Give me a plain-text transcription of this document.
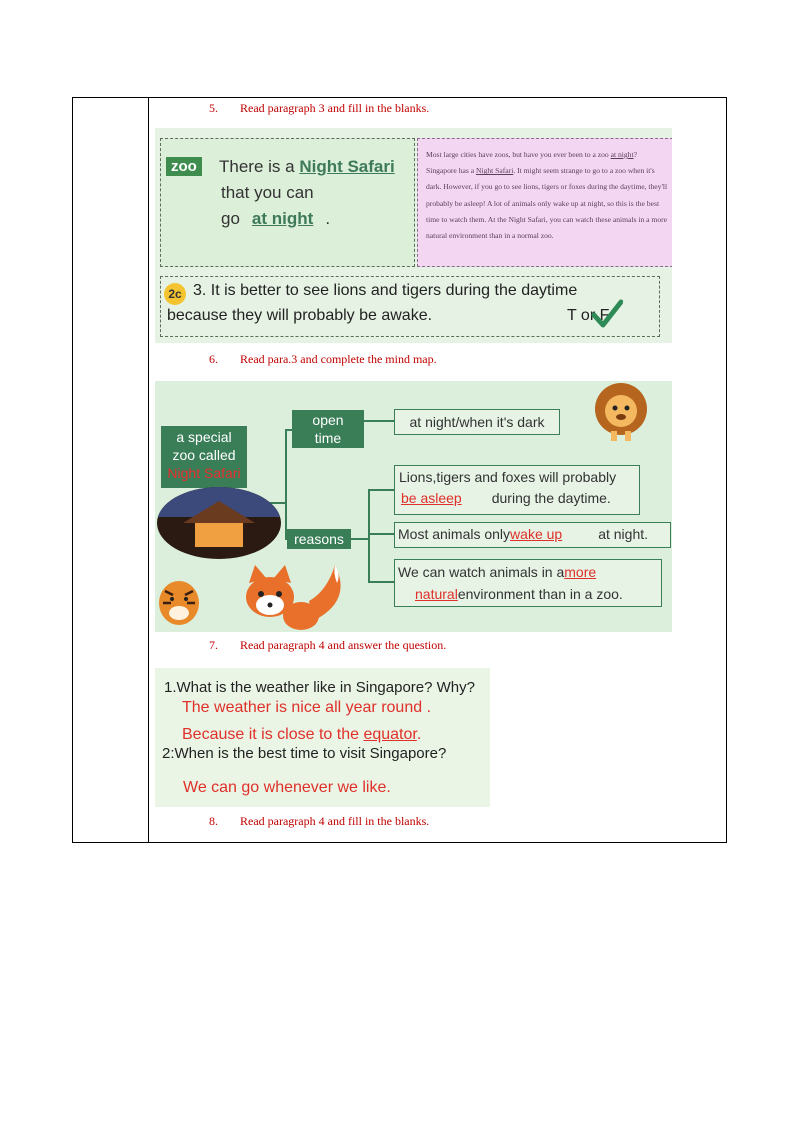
5. Read paragraph 3 and fill in the blanks.
zoo There is a Night Safari
that you can
go at night .
Most large cities have zoos, but have you ever been to a zoo at night? Singapore has a Night Safari. It might seem strange to go to a zoo when it's dark. However, if you go to see lions, tigers or foxes during the daytime, they'll probably be asleep! A lot of animals only wake up at night, so this is the best time to watch them. At the Night Safari, you can watch these animals in a more natural environment than in a normal zoo.
2c 3. It is better to see lions and tigers during the daytime
because they will probably be awake.	T or F
6. Read para.3 and complete the mind map.
a special
zoo called

Night Safari
open
time
reasons
at night/when it's dark
Lions,tigers and foxes will probably
be asleep during the daytime.
Most animals onlywake up	at night.
We can watch animals in amore
naturalenvironment than in a zoo.
7. Read paragraph 4 and answer the question.
1.What is the weather like in Singapore? Why?
The weather is nice all year round .
Because it is close to the equator.
2:When is the best time to visit Singapore?
We can go whenever we like.
8. Read paragraph 4 and fill in the blanks.
